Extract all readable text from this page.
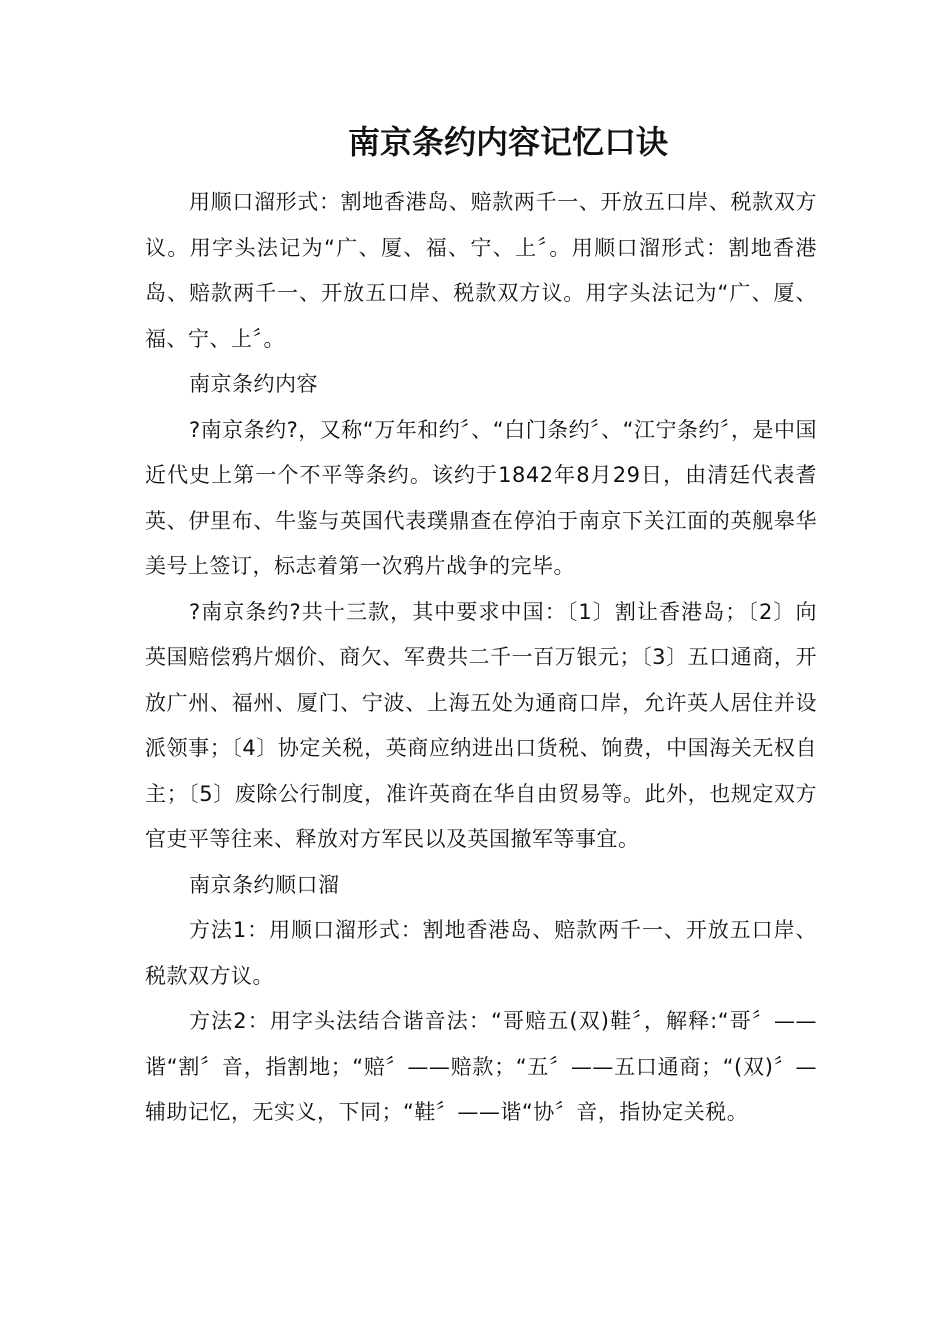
南京条约内容记忆口诀

用顺口溜形式：割地香港岛、赔款两千一、开放五口岸、税款双方议。用字头法记为“广、厦、福、宁、上〞。用顺口溜形式：割地香港岛、赔款两千一、开放五口岸、税款双方议。用字头法记为“广、厦、福、宁、上〞。

南京条约内容

?南京条约?，又称“万年和约〞、“白门条约〞、“江宁条约〞，是中国近代史上第一个不平等条约。该约于1842年8月29日，由清廷代表耆英、伊里布、牛鉴与英国代表璞鼎查在停泊于南京下关江面的英舰皋华美号上签订，标志着第一次鸦片战争的完毕。

?南京条约?共十三款，其中要求中国：〔1〕割让香港岛；〔2〕向英国赔偿鸦片烟价、商欠、军费共二千一百万银元；〔3〕五口通商，开放广州、福州、厦门、宁波、上海五处为通商口岸，允许英人居住并设派领事；〔4〕协定关税，英商应纳进出口货税、饷费，中国海关无权自主；〔5〕废除公行制度，准许英商在华自由贸易等。此外，也规定双方官吏平等往来、释放对方军民以及英国撤军等事宜。

南京条约顺口溜

方法1：用顺口溜形式：割地香港岛、赔款两千一、开放五口岸、税款双方议。

方法2：用字头法结合谐音法：“哥赔五(双)鞋〞，解释:“哥〞——谐“割〞音，指割地；“赔〞——赔款；“五〞——五口通商；“(双)〞—辅助记忆，无实义，下同；“鞋〞——谐“协〞音，指协定关税。
